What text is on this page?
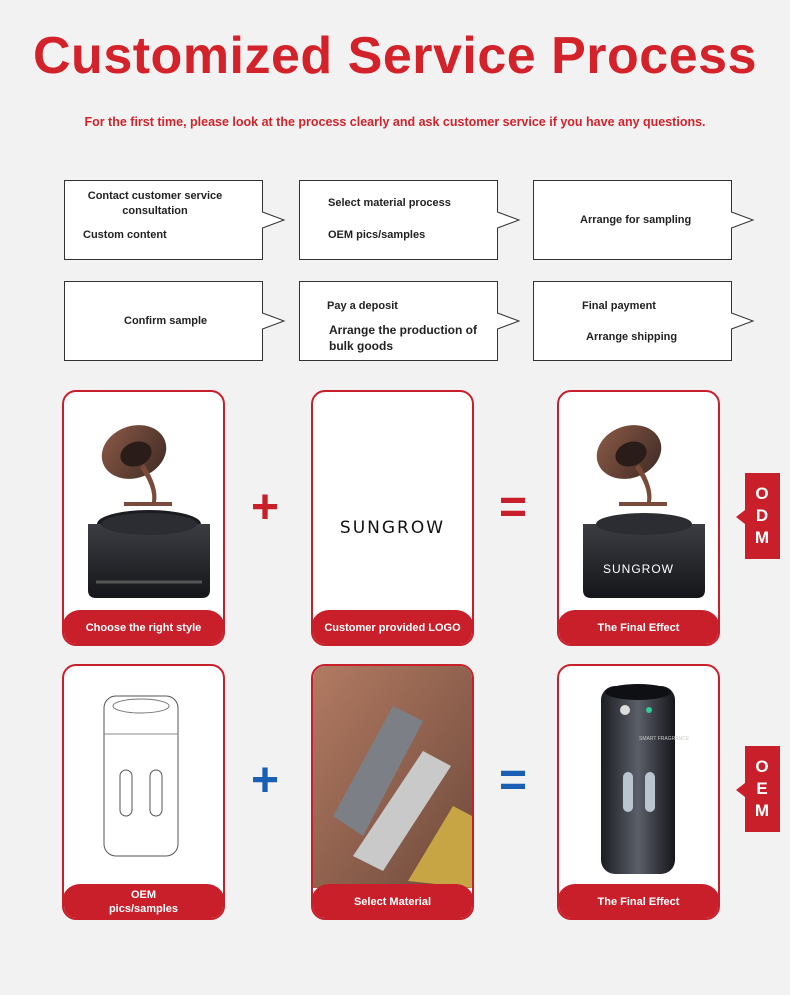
Customized Service Process

For the first time, please look at the process clearly and ask customer service if you have any questions.

Contact customer service
consultation
Custom content
Select material process
OEM pics/samples
Arrange for sampling
Confirm sample
Pay a deposit
Arrange the production of
bulk goods
Final payment
Arrange shipping
Choose the right style
+	SUNGROW
Customer provided LOGO
=
SUNGROW
The Final Effect
O
D
M
OEM
pics/samples
+
Select Material
=
SMART FRAGRANCE
The Final Effect
O
E
M
